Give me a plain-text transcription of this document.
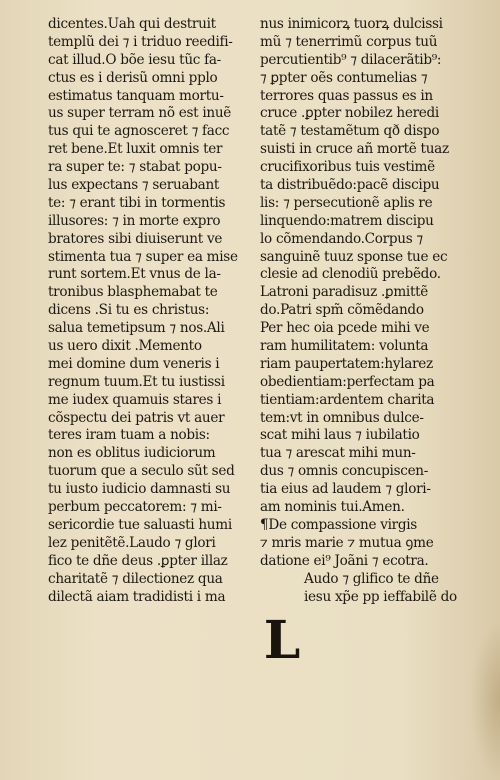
dicentes.Uah qui destruit
templũ dei ⁊ i triduo reedifi-
cat illud.O bõe iesu tũc fa-
ctus es i derisũ omni pplo
estimatus tanquam mortu-
us super terram nõ est inuẽ
tus qui te agnosceret ⁊ facc
ret bene.Et luxit omnis ter
ra super te: ⁊ stabat popu-
lus expectans ⁊ seruabant
te: ⁊ erant tibi in tormentis
illusores: ⁊ in morte expro
bratores sibi diuiserunt ve
stimenta tua ⁊ super ea mise
runt sortem.Et vnus de la-
tronibus blasphemabat te
dicens .Si tu es christus:
salua temetipsum ⁊ nos.Ali
us uero dixit .Memento
mei domine dum veneris i
regnum tuum.Et tu iustissi
me iudex quamuis stares i
cõspectu dei patris vt auer
teres iram tuam a nobis:
non es oblitus iudiciorum
tuorum que a seculo sũt sed
tu iusto iudicio damnasti su
perbum peccatorem: ⁊ mi-
sericordie tue saluasti humi
lez penitẽtẽ.Laudo ⁊ glori
fico te dñe deus .ꝑpter illaz
charitatẽ ⁊ dilectionez qua
dilectã aiam tradidisti i ma
nus inimicorꝝ tuorꝝ dulcissi
mũ ⁊ tenerrimũ corpus tuũ
percutientib⁹ ⁊ dilacerãtib⁹:
⁊ ꝑpter oẽs contumelias ⁊
terrores quas passus es in
cruce .ꝑpter nobilez heredi
tatẽ ⁊ testamẽtum qð dispo
suisti in cruce añ mortẽ tuaz
crucifixoribus tuis vestimẽ
ta distribuẽdo:pacẽ discipu
lis: ⁊ persecutionẽ aplis re
linquendo:matrem discipu
lo cõmendando.Corpus ⁊
sanguinẽ tuuz sponse tue ec
clesie ad clenodiũ prebẽdo.
Latroni paradisuz .ꝑmittẽ
do.Patri spm̃ cõmẽdando
Per hec oia pcede mihi ve
ram humilitatem: volunta
riam paupertatem:hylarez
obedientiam:perfectam pa
tientiam:ardentem charita
tem:vt in omnibus dulce-
scat mihi laus ⁊ iubilatio
tua ⁊ arescat mihi mun-
dus ⁊ omnis concupiscen-
tia eius ad laudem ⁊ glori-
am nominis tui.Amen.
¶De compassione virgis
⁊ mris marie ⁊ mutua ꝯme
datione ei⁹ Joãni ⁊ ecotra.
Audo ⁊ glifico te dñe
iesu xp̃e pp ieffabilẽ do
L
